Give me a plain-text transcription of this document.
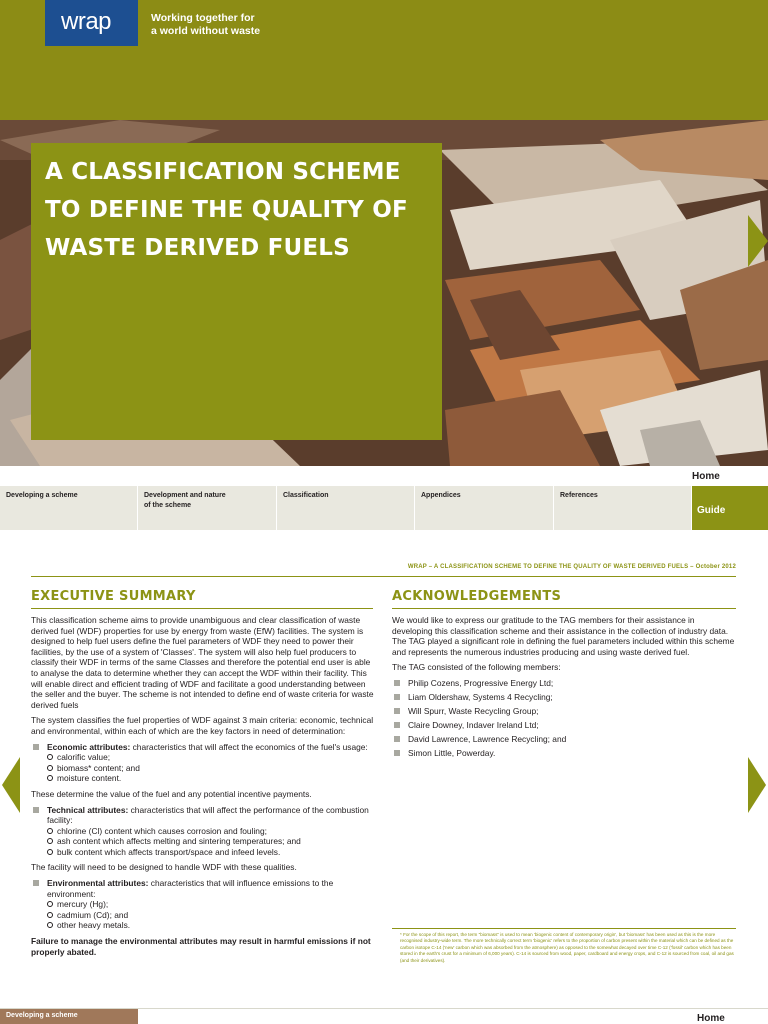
wrap	Working together for
a world without waste
A CLASSIFICATION SCHEME
TO DEFINE THE QUALITY OF
WASTE DERIVED FUELS
Home
Developing a scheme	Development and nature
of the scheme
Classification	Appendices	References
Guide
WRAP – A CLASSIFICATION SCHEME TO DEFINE THE QUALITY OF WASTE DERIVED FUELS – October 2012
EXECUTIVE SUMMARY

This classification scheme aims to provide unambiguous and clear classification of waste derived fuel (WDF) properties for use by energy from waste (EfW) facilities. The system is designed to help fuel users define the fuel parameters of WDF they need to power their facilities, by the use of a system of 'Classes'. The system will also help fuel producers to classify their WDF in terms of the same Classes and therefore the potential end user is able to analyse the data to determine whether they can accept the WDF within their facility. This will enable direct and efficient trading of WDF and facilitate a good understanding between the seller and the buyer. The scheme is not intended to define end of waste criteria for waste derived fuels

The system classifies the fuel properties of WDF against 3 main criteria: economic, technical and environmental, within each of which are the key factors in need of determination:

Economic attributes: characteristics that will affect the economics of the fuel's usage:
calorific value;
biomass* content; and
moisture content.

These determine the value of the fuel and any potential incentive payments.

Technical attributes: characteristics that will affect the performance of the combustion facility:
chlorine (Cl) content which causes corrosion and fouling;
ash content which affects melting and sintering temperatures; and
bulk content which affects transport/space and infeed levels.

The facility will need to be designed to handle WDF with these qualities.

Environmental attributes: characteristics that will influence emissions to the environment:
mercury (Hg);
cadmium (Cd); and
other heavy metals.

Failure to manage the environmental attributes may result in harmful emissions if not properly abated.

ACKNOWLEDGEMENTS

We would like to express our gratitude to the TAG members for their assistance in developing this classification scheme and their assistance in the collection of industry data. The TAG played a significant role in defining the fuel parameters included within this scheme and represents the numerous industries producing and using waste derived fuel.

The TAG consisted of the following members:

Philip Cozens, Progressive Energy Ltd;
Liam Oldershaw, Systems 4 Recycling;
Will Spurr, Waste Recycling Group;
Claire Downey, Indaver Ireland Ltd;
David Lawrence, Lawrence Recycling; and
Simon Little, Powerday.
* For the scope of this report, the term "biomass" is used to mean 'biogenic content of contemporary origin', but 'biomass' has been used as this is the more recognised industry-wide term. The more technically correct term 'biogenic' refers to the proportion of carbon present within the material which can be defined as the carbon isotope C-14 ('new' carbon which was absorbed from the atmosphere) as opposed to the somewhat decayed over time C-12 ('fossil' carbon which has been stored in the earth's crust for a minimum of 6,000 years). C-14 is sourced from wood, paper, cardboard and energy crops, and C-12 is sourced from coal, oil and gas (and their derivatives).
Developing a scheme	Home
